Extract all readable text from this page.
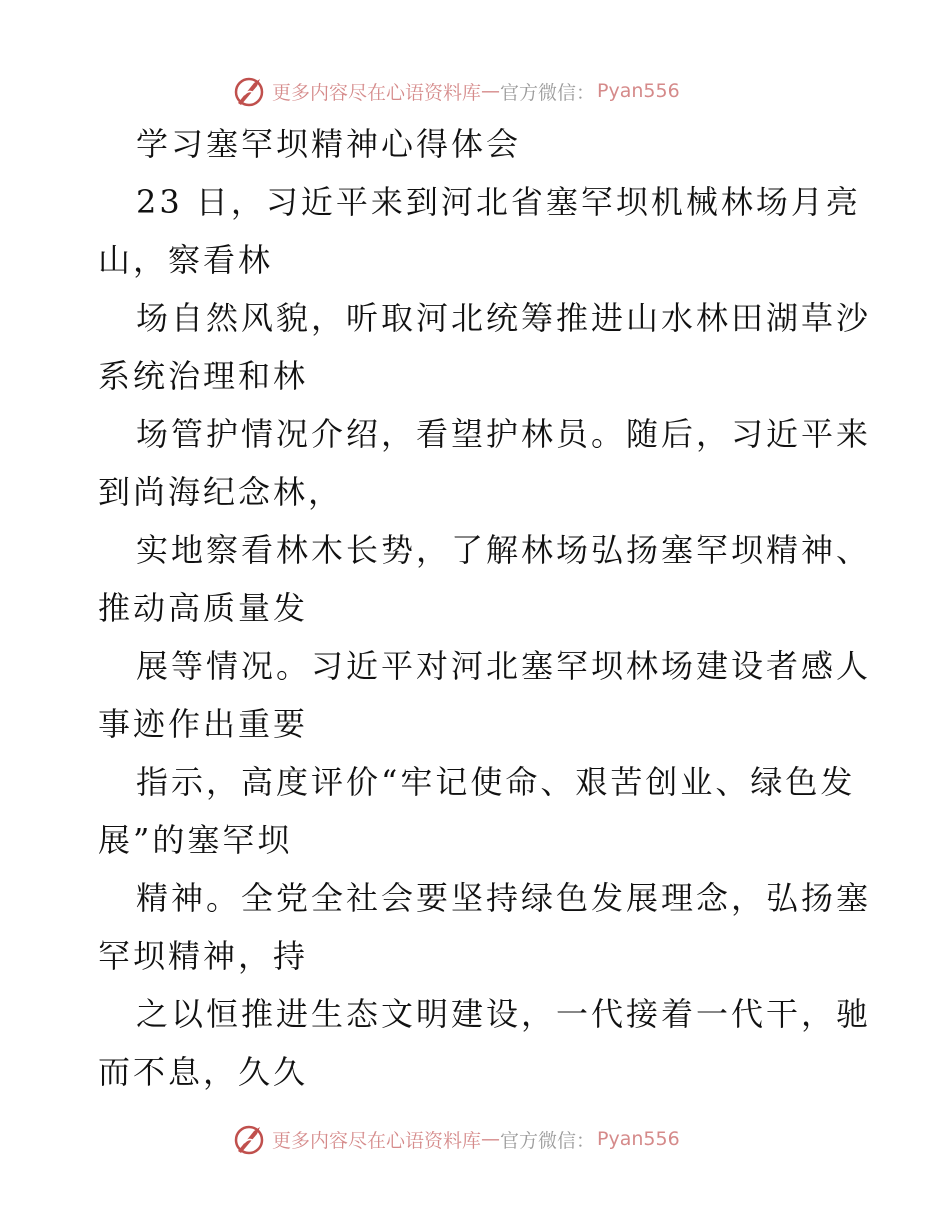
更多内容尽在心语资料库 — 官方微信： Pyan556
学习塞罕坝精神心得体会
23 日，习近平来到河北省塞罕坝机械林场月亮
山，察看林
场自然风貌，听取河北统筹推进山水林田湖草沙
系统治理和林
场管护情况介绍，看望护林员。随后，习近平来
到尚海纪念林，
实地察看林木长势，了解林场弘扬塞罕坝精神、
推动高质量发
展等情况。习近平对河北塞罕坝林场建设者感人
事迹作出重要
指示，高度评价“牢记使命、艰苦创业、绿色发
展”的塞罕坝
精神。全党全社会要坚持绿色发展理念，弘扬塞
罕坝精神，持
之以恒推进生态文明建设，一代接着一代干，驰
而不息，久久
更多内容尽在心语资料库 — 官方微信： Pyan556
